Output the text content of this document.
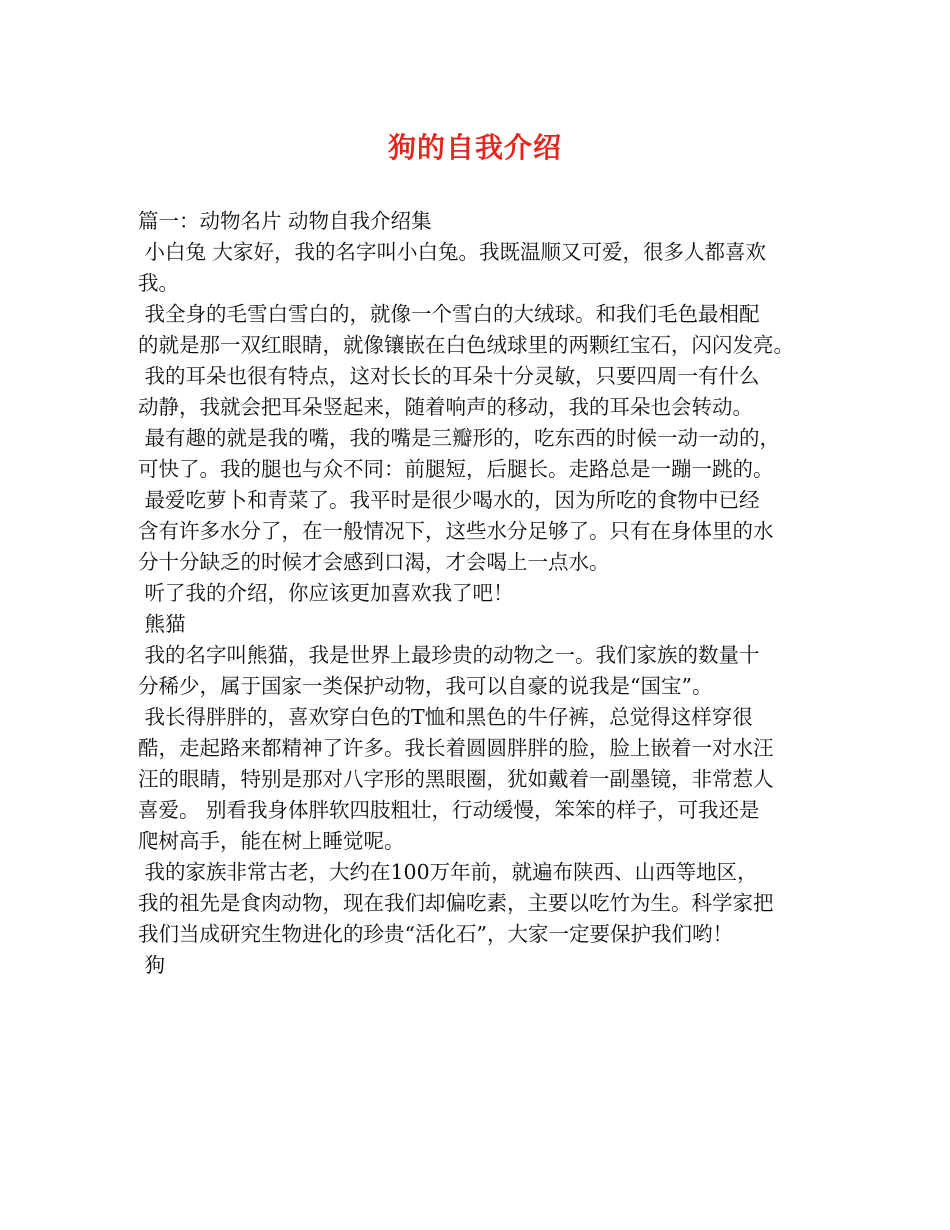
狗的自我介绍
篇一：动物名片 动物自我介绍集
小白兔 大家好，我的名字叫小白兔。我既温顺又可爱，很多人都喜欢
我。
我全身的毛雪白雪白的，就像一个雪白的大绒球。和我们毛色最相配
的就是那一双红眼睛，就像镶嵌在白色绒球里的两颗红宝石，闪闪发亮。
我的耳朵也很有特点，这对长长的耳朵十分灵敏，只要四周一有什么
动静，我就会把耳朵竖起来，随着响声的移动，我的耳朵也会转动。
最有趣的就是我的嘴，我的嘴是三瓣形的，吃东西的时候一动一动的，
可快了。我的腿也与众不同：前腿短，后腿长。走路总是一蹦一跳的。
最爱吃萝卜和青菜了。我平时是很少喝水的，因为所吃的食物中已经
含有许多水分了，在一般情况下，这些水分足够了。只有在身体里的水
分十分缺乏的时候才会感到口渴，才会喝上一点水。
听了我的介绍，你应该更加喜欢我了吧！
熊猫
我的名字叫熊猫，我是世界上最珍贵的动物之一。我们家族的数量十
分稀少，属于国家一类保护动物，我可以自豪的说我是“国宝”。
我长得胖胖的，喜欢穿白色的T恤和黑色的牛仔裤，总觉得这样穿很
酷，走起路来都精神了许多。我长着圆圆胖胖的脸，脸上嵌着一对水汪
汪的眼睛，特别是那对八字形的黑眼圈，犹如戴着一副墨镜，非常惹人
喜爱。 别看我身体胖软四肢粗壮，行动缓慢，笨笨的样子，可我还是
爬树高手，能在树上睡觉呢。
我的家族非常古老，大约在100万年前，就遍布陕西、山西等地区，
我的祖先是食肉动物，现在我们却偏吃素，主要以吃竹为生。科学家把
我们当成研究生物进化的珍贵“活化石”，大家一定要保护我们哟！
狗
